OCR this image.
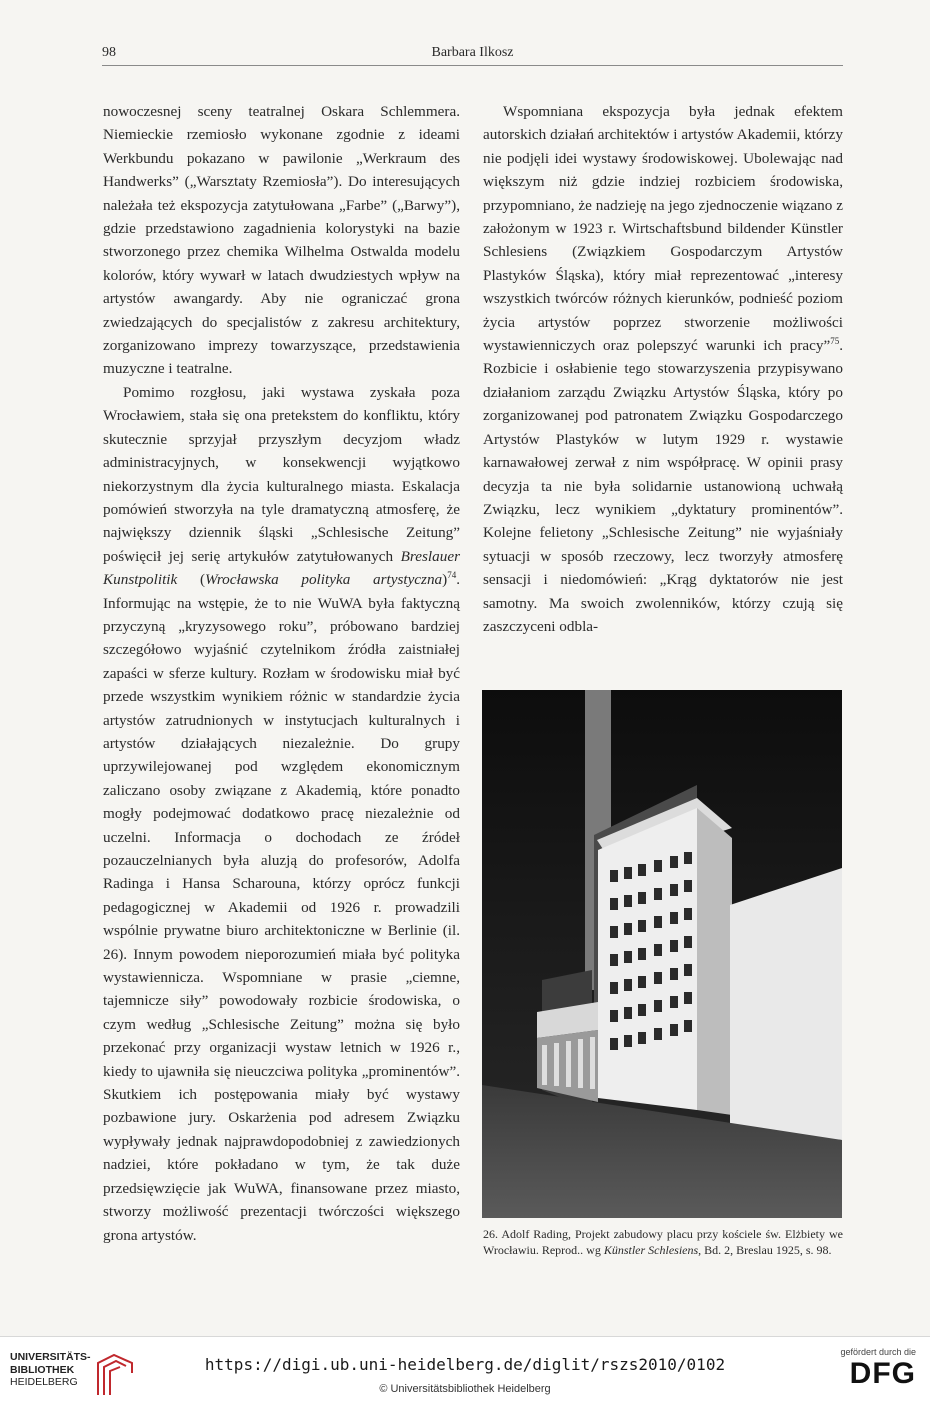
98	Barbara Ilkosz

nowoczesnej sceny teatralnej Oskara Schlemmera. Niemieckie rzemiosło wykonane zgodnie z ideami Werkbundu pokazano w pawilonie „Werkraum des Handwerks” („Warsztaty Rzemiosła”). Do interesujących należała też ekspozycja zatytułowana „Farbe” („Barwy”), gdzie przedstawiono zagadnienia kolorystyki na bazie stworzonego przez chemika Wilhelma Ostwalda modelu kolorów, który wywarł w latach dwudziestych wpływ na artystów awangardy. Aby nie ograniczać grona zwiedzających do specjalistów z zakresu architektury, zorganizowano imprezy towarzyszące, przedstawienia muzyczne i teatralne.

Pomimo rozgłosu, jaki wystawa zyskała poza Wrocławiem, stała się ona pretekstem do konfliktu, który skutecznie sprzyjał przyszłym decyzjom władz administracyjnych, w konsekwencji wyjątkowo niekorzystnym dla życia kulturalnego miasta. Eskalacja pomówień stworzyła na tyle dramatyczną atmosferę, że największy dziennik śląski „Schlesische Zeitung” poświęcił jej serię artykułów zatytułowanych Breslauer Kunstpolitik (Wrocławska polityka artystyczna)$^{74}$. Informując na wstępie, że to nie WuWA była faktyczną przyczyną „kryzysowego roku”, próbowano bardziej szczegółowo wyjaśnić czytelnikom źródła zaistniałej zapaści w sferze kultury. Rozłam w środowisku miał być przede wszystkim wynikiem różnic w standardzie życia artystów zatrudnionych w instytucjach kulturalnych i artystów działających niezależnie. Do grupy uprzywilejowanej pod względem ekonomicznym zaliczano osoby związane z Akademią, które ponadto mogły podejmować dodatkowo pracę niezależnie od uczelni. Informacja o dochodach ze źródeł pozauczelnianych była aluzją do profesorów, Adolfa Radinga i Hansa Scharouna, którzy oprócz funkcji pedagogicznej w Akademii od 1926 r. prowadzili wspólnie prywatne biuro architektoniczne w Berlinie (il. 26). Innym powodem nieporozumień miała być polityka wystawiennicza. Wspomniane w prasie „ciemne, tajemnicze siły” powodowały rozbicie środowiska, o czym według „Schlesische Zeitung” można się było przekonać przy organizacji wystaw letnich w 1926 r., kiedy to ujawniła się nieuczciwa polityka „prominentów”. Skutkiem ich postępowania miały być wystawy pozbawione jury. Oskarżenia pod adresem Związku wypływały jednak najprawdopodobniej z zawiedzionych nadziei, które pokładano w tym, że tak duże przedsięwzięcie jak WuWA, finansowane przez miasto, stworzy możliwość prezentacji twórczości większego grona artystów.

Wspomniana ekspozycja była jednak efektem autorskich działań architektów i artystów Akademii, którzy nie podjęli idei wystawy środowiskowej. Ubolewając nad większym niż gdzie indziej rozbiciem środowiska, przypomniano, że nadzieję na jego zjednoczenie wiązano z założonym w 1923 r. Wirtschaftsbund bildender Künstler Schlesiens (Związkiem Gospodarczym Artystów Plastyków Śląska), który miał reprezentować „interesy wszystkich twórców różnych kierunków, podnieść poziom życia artystów poprzez stworzenie możliwości wystawienniczych oraz polepszyć warunki ich pracy”$^{75}$. Rozbicie i osłabienie tego stowarzyszenia przypisywano działaniom zarządu Związku Artystów Śląska, który po zorganizowanej pod patronatem Związku Gospodarczego Artystów Plastyków w lutym 1929 r. wystawie karnawałowej zerwał z nim współpracę. W opinii prasy decyzja ta nie była solidarnie ustanowioną uchwałą Związku, lecz wynikiem „dyktatury prominentów”. Kolejne felietony „Schlesische Zeitung” nie wyjaśniały sytuacji w sposób rzeczowy, lecz tworzyły atmosferę sensacji i niedomówień: „Krąg dyktatorów nie jest samotny. Ma swoich zwolenników, którzy czują się zaszczyceni odbla-

26. Adolf Rading, Projekt zabudowy placu przy kościele św. Elżbiety we Wrocławiu. Reprod.. wg Künstler Schlesiens, Bd. 2, Breslau 1925, s. 98.
UNIVERSITÄTS-
BIBLIOTHEK
HEIDELBERG
https://digi.ub.uni-heidelberg.de/diglit/rszs2010/0102
© Universitätsbibliothek Heidelberg
gefördert durch die
DFG
